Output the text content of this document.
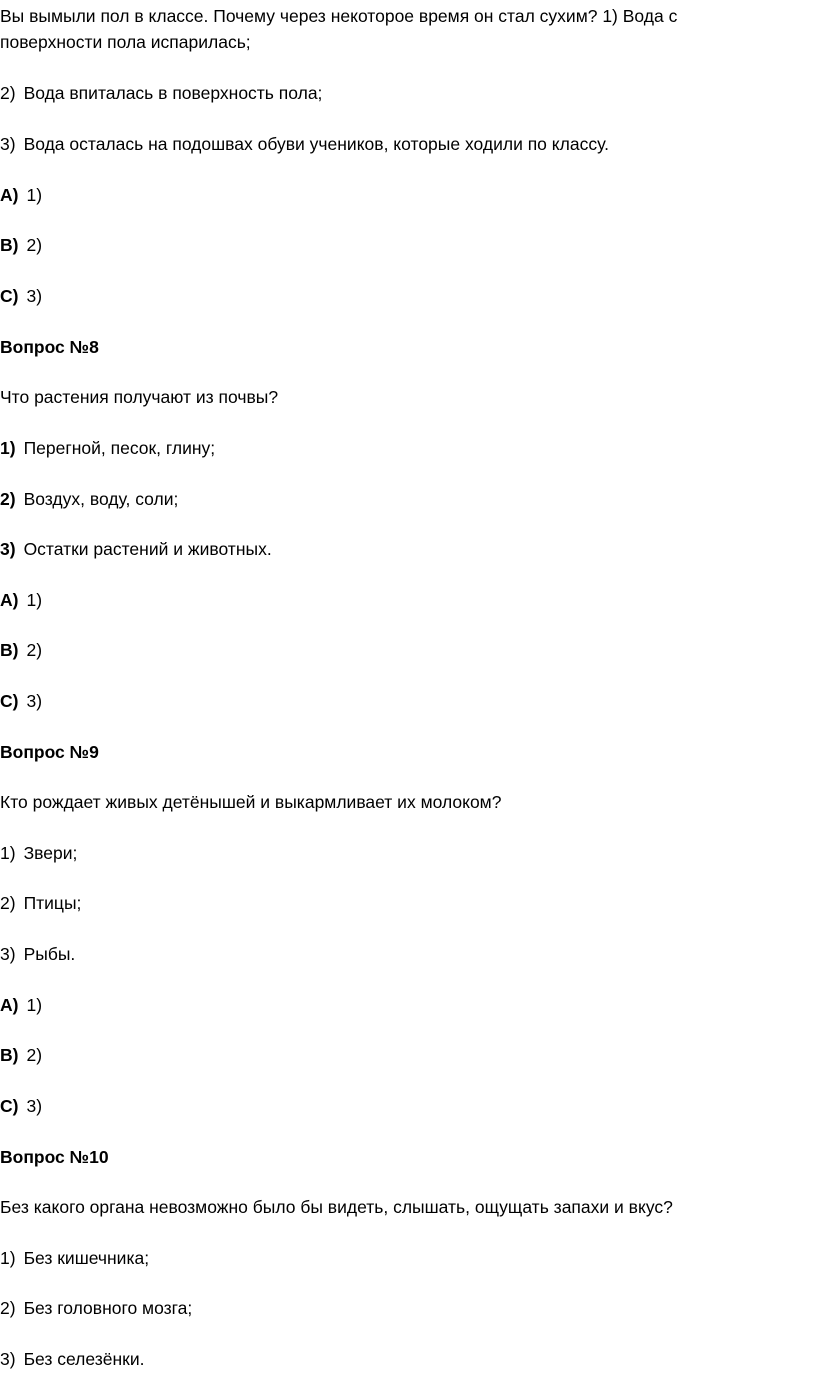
Вы вымыли пол в классе. Почему через некоторое время он стал сухим? 1) Вода с
поверхности пола испарилась;
2) Вода впиталась в поверхность пола;
3) Вода осталась на подошвах обуви учеников, которые ходили по классу.
A) 1)
B) 2)
C) 3)
Вопрос №8
Что растения получают из почвы?
1) Перегной, песок, глину;
2) Воздух, воду, соли;
3) Остатки растений и животных.
A) 1)
B) 2)
C) 3)
Вопрос №9
Кто рождает живых детёнышей и выкармливает их молоком?
1) Звери;
2) Птицы;
3) Рыбы.
A) 1)
B) 2)
C) 3)
Вопрос №10
Без какого органа невозможно было бы видеть, слышать, ощущать запахи и вкус?
1) Без кишечника;
2) Без головного мозга;
3) Без селезёнки.
